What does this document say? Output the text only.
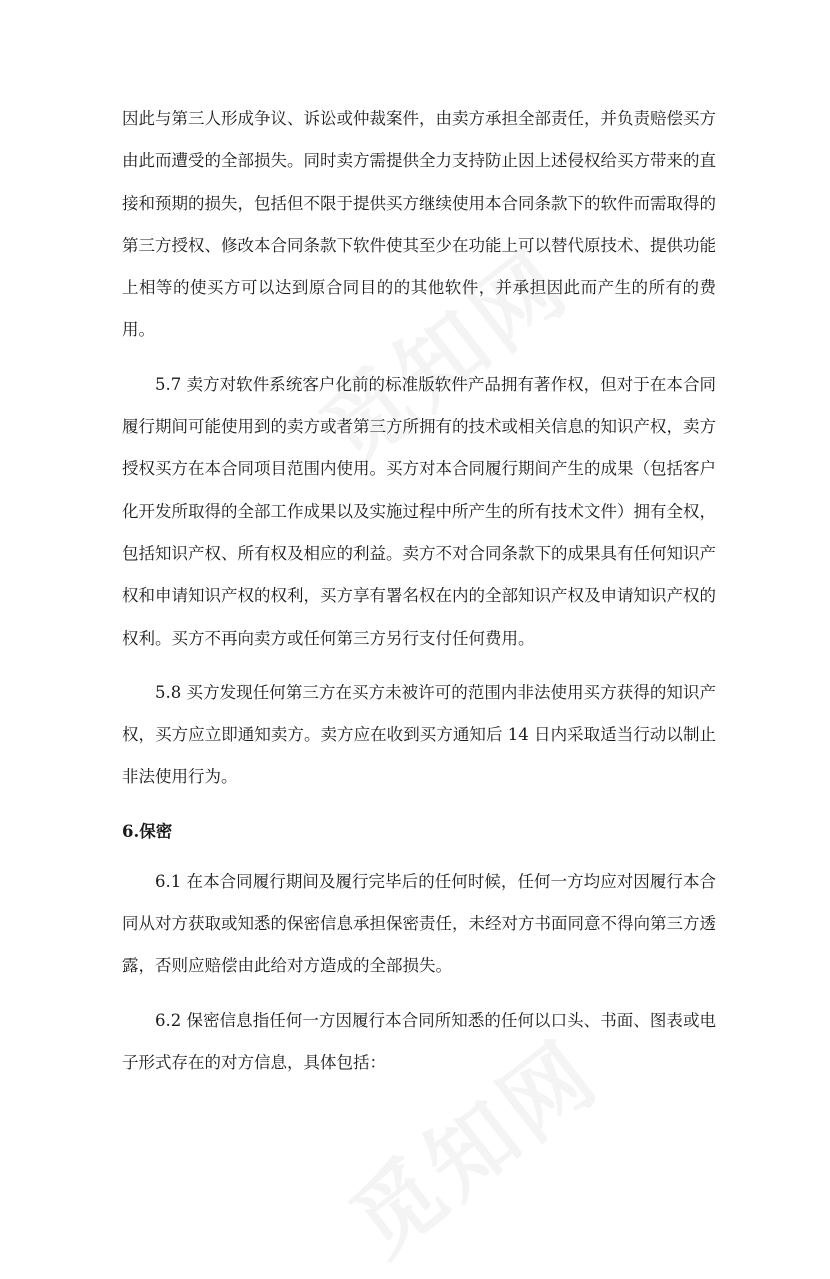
因此与第三人形成争议、诉讼或仲裁案件，由卖方承担全部责任，并负责赔偿买方由此而遭受的全部损失。同时卖方需提供全力支持防止因上述侵权给买方带来的直接和预期的损失，包括但不限于提供买方继续使用本合同条款下的软件而需取得的第三方授权、修改本合同条款下软件使其至少在功能上可以替代原技术、提供功能上相等的使买方可以达到原合同目的的其他软件，并承担因此而产生的所有的费用。

5.7 卖方对软件系统客户化前的标准版软件产品拥有著作权，但对于在本合同履行期间可能使用到的卖方或者第三方所拥有的技术或相关信息的知识产权，卖方授权买方在本合同项目范围内使用。买方对本合同履行期间产生的成果（包括客户化开发所取得的全部工作成果以及实施过程中所产生的所有技术文件）拥有全权，包括知识产权、所有权及相应的利益。卖方不对合同条款下的成果具有任何知识产权和申请知识产权的权利，买方享有署名权在内的全部知识产权及申请知识产权的权利。买方不再向卖方或任何第三方另行支付任何费用。

5.8 买方发现任何第三方在买方未被许可的范围内非法使用买方获得的知识产权，买方应立即通知卖方。卖方应在收到买方通知后 14 日内采取适当行动以制止非法使用行为。

6.保密

6.1 在本合同履行期间及履行完毕后的任何时候，任何一方均应对因履行本合同从对方获取或知悉的保密信息承担保密责任，未经对方书面同意不得向第三方透露，否则应赔偿由此给对方造成的全部损失。

6.2 保密信息指任何一方因履行本合同所知悉的任何以口头、书面、图表或电子形式存在的对方信息，具体包括：
